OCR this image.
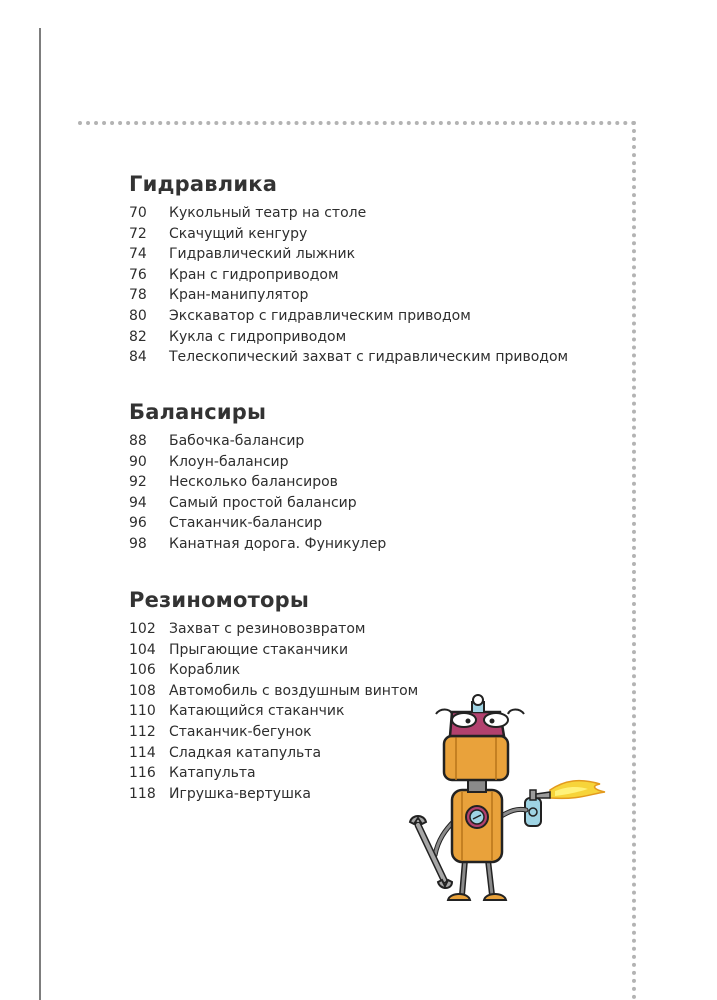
Гидравлика
70 Кукольный театр на столе
72 Скачущий кенгуру
74 Гидравлический лыжник
76 Кран с гидроприводом
78 Кран-манипулятор
80 Экскаватор с гидравлическим приводом
82 Кукла с гидроприводом
84 Телескопический захват с гидравлическим приводом
Балансиры
88 Бабочка-балансир
90 Клоун-балансир
92 Несколько балансиров
94 Самый простой балансир
96 Стаканчик-балансир
98 Канатная дорога. Фуникулер
Резиномоторы
102 Захват с резиновозвратом
104 Прыгающие стаканчики
106 Кораблик
108 Автомобиль с воздушным винтом
110 Катающийся стаканчик
112 Стаканчик-бегунок
114 Сладкая катапульта
116 Катапульта
118 Игрушка-вертушка
